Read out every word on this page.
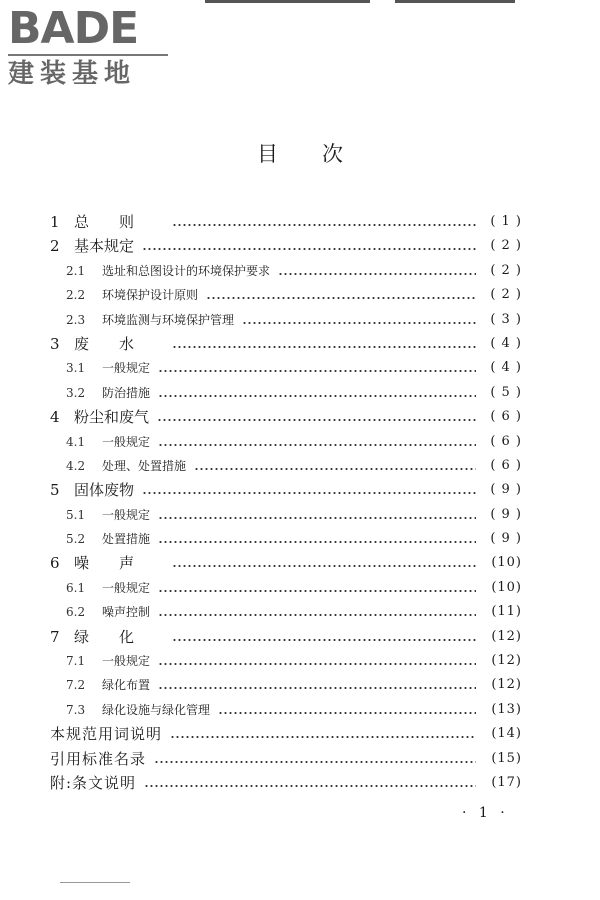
BADE
建装基地
目次
1 总则	( 1 )
2 基本规定	( 2 )
2.1 选址和总图设计的环境保护要求	( 2 )
2.2 环境保护设计原则	( 2 )
2.3 环境监测与环境保护管理	( 3 )
3 废水	( 4 )
3.1 一般规定	( 4 )
3.2 防治措施	( 5 )
4 粉尘和废气	( 6 )
4.1 一般规定	( 6 )
4.2 处理、处置措施	( 6 )
5 固体废物	( 9 )
5.1 一般规定	( 9 )
5.2 处置措施	( 9 )
6 噪声	(10)
6.1 一般规定	(10)
6.2 噪声控制	(11)
7 绿化	(12)
7.1 一般规定	(12)
7.2 绿化布置	(12)
7.3 绿化设施与绿化管理	(13)
本规范用词说明	(14)
引用标准名录	(15)
附:条文说明	(17)
· 1 ·
